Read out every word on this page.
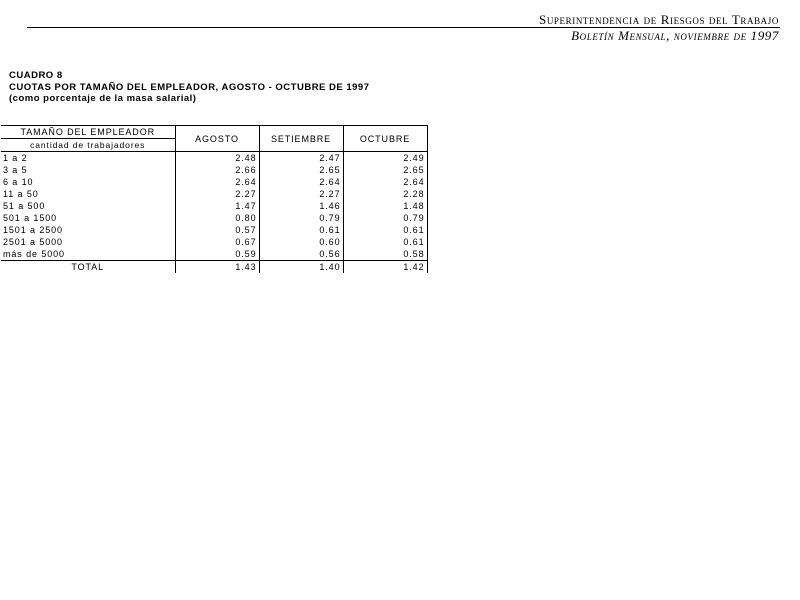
Superintendencia de Riesgos del Trabajo
Boletín Mensual, noviembre de 1997
CUADRO 8
CUOTAS POR TAMAÑO DEL EMPLEADOR, AGOSTO - OCTUBRE DE 1997
(como porcentaje de la masa salarial)
TAMAÑO DEL EMPLEADOR	AGOSTO	SETIEMBRE	OCTUBRE
cantidad de trabajadores			
1 a 2	2.48	2.47	2.49
3 a 5	2.66	2.65	2.65
6 a 10	2.64	2.64	2.64
11 a 50	2.27	2.27	2.28
51 a 500	1.47	1.46	1.48
501 a 1500	0.80	0.79	0.79
1501 a 2500	0.57	0.61	0.61
2501 a 5000	0.67	0.60	0.61
más de 5000	0.59	0.56	0.58
TOTAL	1.43	1.40	1.42
